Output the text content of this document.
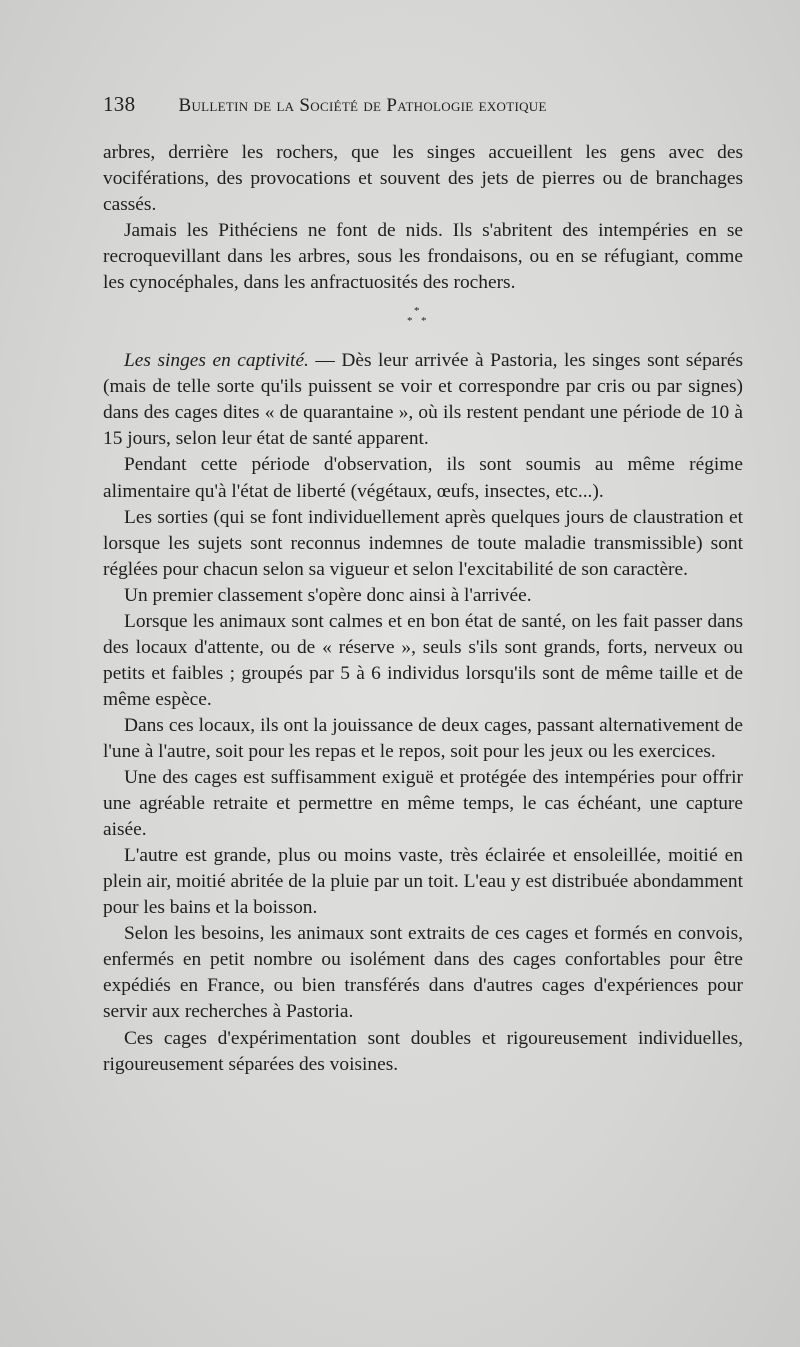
138 Bulletin de la Société de Pathologie exotique

arbres, derrière les rochers, que les singes accueillent les gens avec des vociférations, des provocations et souvent des jets de pierres ou de branchages cassés.

Jamais les Pithéciens ne font de nids. Ils s'abritent des intempéries en se recroquevillant dans les arbres, sous les frondaisons, ou en se réfugiant, comme les cynocéphales, dans les anfractuosités des rochers.

*
* *

Les singes en captivité. — Dès leur arrivée à Pastoria, les singes sont séparés (mais de telle sorte qu'ils puissent se voir et correspondre par cris ou par signes) dans des cages dites « de quarantaine », où ils restent pendant une période de 10 à 15 jours, selon leur état de santé apparent.

Pendant cette période d'observation, ils sont soumis au même régime alimentaire qu'à l'état de liberté (végétaux, œufs, insectes, etc...).

Les sorties (qui se font individuellement après quelques jours de claustration et lorsque les sujets sont reconnus indemnes de toute maladie transmissible) sont réglées pour chacun selon sa vigueur et selon l'excitabilité de son caractère.

Un premier classement s'opère donc ainsi à l'arrivée.

Lorsque les animaux sont calmes et en bon état de santé, on les fait passer dans des locaux d'attente, ou de « réserve », seuls s'ils sont grands, forts, nerveux ou petits et faibles ; groupés par 5 à 6 individus lorsqu'ils sont de même taille et de même espèce.

Dans ces locaux, ils ont la jouissance de deux cages, passant alternativement de l'une à l'autre, soit pour les repas et le repos, soit pour les jeux ou les exercices.

Une des cages est suffisamment exiguë et protégée des intempéries pour offrir une agréable retraite et permettre en même temps, le cas échéant, une capture aisée.

L'autre est grande, plus ou moins vaste, très éclairée et ensoleillée, moitié en plein air, moitié abritée de la pluie par un toit. L'eau y est distribuée abondamment pour les bains et la boisson.

Selon les besoins, les animaux sont extraits de ces cages et formés en convois, enfermés en petit nombre ou isolément dans des cages confortables pour être expédiés en France, ou bien transférés dans d'autres cages d'expériences pour servir aux recherches à Pastoria.

Ces cages d'expérimentation sont doubles et rigoureusement individuelles, rigoureusement séparées des voisines.
